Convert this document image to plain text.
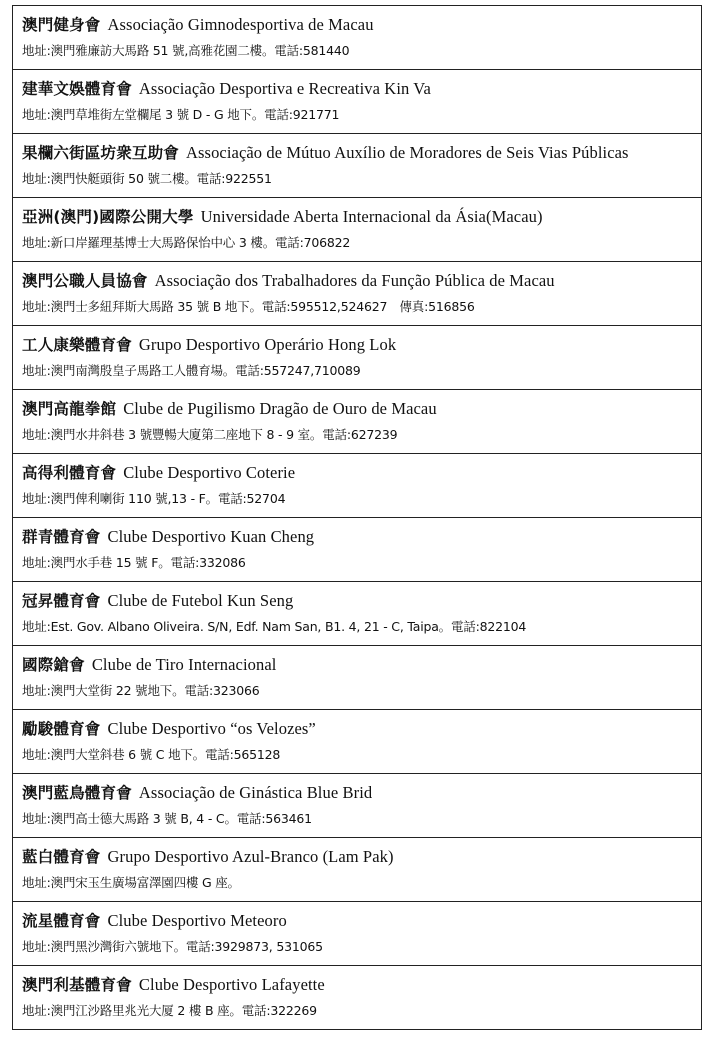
澳門健身會 Associação Gimnodesportiva de Macau
地址:澳門雅廉訪大馬路 51 號,高雅花園二樓。電話:581440
建華文娛體育會 Associação Desportiva e Recreativa Kin Va
地址:澳門草堆街左堂欄尾 3 號 D - G 地下。電話:921771
果欄六街區坊衆互助會 Associação de Mútuo Auxílio de Moradores de Seis Vias Públicas
地址:澳門快艇頭街 50 號二樓。電話:922551
亞洲(澳門)國際公開大學 Universidade Aberta Internacional da Ásia(Macau)
地址:新口岸羅理基博士大馬路保怡中心 3 樓。電話:706822
澳門公職人員協會 Associação dos Trabalhadores da Função Pública de Macau
地址:澳門士多紐拜斯大馬路 35 號 B 地下。電話:595512,524627　傳真:516856
工人康樂體育會 Grupo Desportivo Operário Hong Lok
地址:澳門南灣殷皇子馬路工人體育場。電話:557247,710089
澳門高龍拳館 Clube de Pugilismo Dragão de Ouro de Macau
地址:澳門水井斜巷 3 號豐暢大廈第二座地下 8 - 9 室。電話:627239
高得利體育會 Clube Desportivo Coterie
地址:澳門俾利喇街 110 號,13 - F。電話:52704
群青體育會 Clube Desportivo Kuan Cheng
地址:澳門水手巷 15 號 F。電話:332086
冠昇體育會 Clube de Futebol Kun Seng
地址:Est. Gov. Albano Oliveira. S/N, Edf. Nam San, B1. 4, 21 - C, Taipa。電話:822104
國際鎗會 Clube de Tiro Internacional
地址:澳門大堂街 22 號地下。電話:323066
勵駿體育會 Clube Desportivo “os Velozes”
地址:澳門大堂斜巷 6 號 C 地下。電話:565128
澳門藍鳥體育會 Associação de Ginástica Blue Brid
地址:澳門高士德大馬路 3 號 B, 4 - C。電話:563461
藍白體育會 Grupo Desportivo Azul-Branco (Lam Pak)
地址:澳門宋玉生廣場富澤園四樓 G 座。
流星體育會 Clube Desportivo Meteoro
地址:澳門黑沙灣街六號地下。電話:3929873, 531065
澳門利基體育會 Clube Desportivo Lafayette
地址:澳門江沙路里兆光大厦 2 樓 B 座。電話:322269
